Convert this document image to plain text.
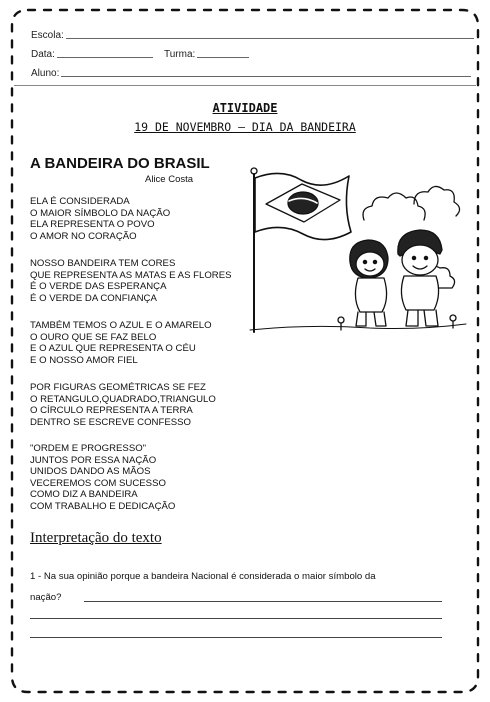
Escola:
Data:	Turma:
Aluno:
ATIVIDADE
19 DE NOVEMBRO – DIA DA BANDEIRA
A BANDEIRA DO BRASIL
Alice Costa
ELA É CONSIDERADA
O MAIOR SÍMBOLO DA NAÇÃO
ELA REPRESENTA O POVO
O AMOR NO CORAÇÃO
NOSSO BANDEIRA TEM CORES
QUE REPRESENTA AS MATAS E AS FLORES
É O VERDE DAS ESPERANÇA
É O VERDE DA CONFIANÇA
TAMBÉM TEMOS O AZUL E O AMARELO
O OURO QUE SE FAZ BELO
E O AZUL QUE REPRESENTA O CÉU
E O NOSSO AMOR FIEL
POR FIGURAS GEOMÉTRICAS SE FEZ
O RETANGULO,QUADRADO,TRIANGULO
O CÍRCULO REPRESENTA A TERRA
DENTRO SE ESCREVE CONFESSO
"ORDEM E PROGRESSO"
JUNTOS POR ESSA NAÇÃO
UNIDOS DANDO AS MÃOS
VECEREMOS COM SUCESSO
COMO DIZ A BANDEIRA
COM TRABALHO E DEDICAÇÃO
Interpretação do texto
1 - Na sua opinião porque a bandeira Nacional é considerada o maior símbolo da
nação?
